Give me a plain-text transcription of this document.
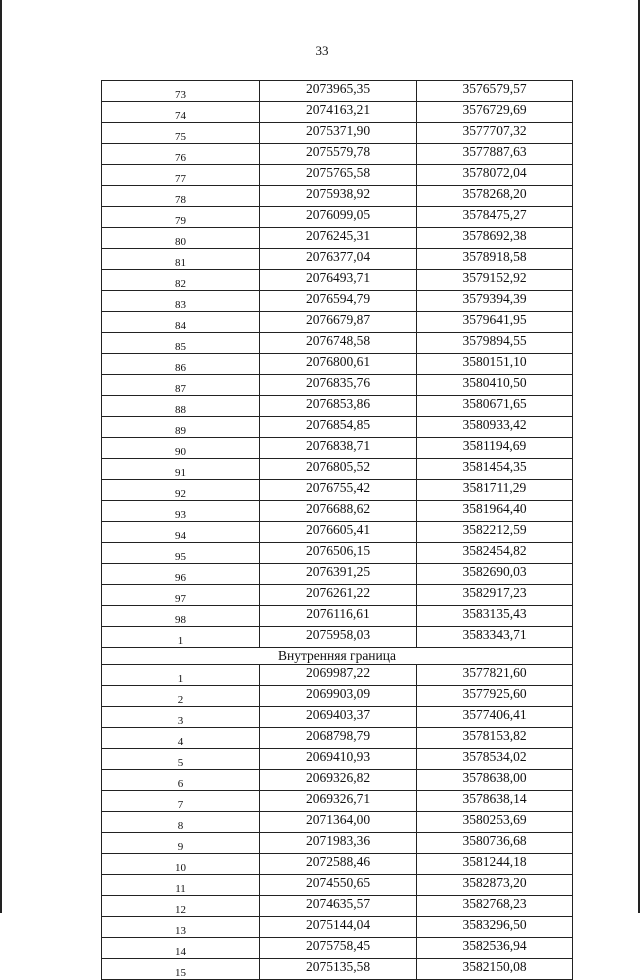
33
73	2073965,35	3576579,57
74	2074163,21	3576729,69
75	2075371,90	3577707,32
76	2075579,78	3577887,63
77	2075765,58	3578072,04
78	2075938,92	3578268,20
79	2076099,05	3578475,27
80	2076245,31	3578692,38
81	2076377,04	3578918,58
82	2076493,71	3579152,92
83	2076594,79	3579394,39
84	2076679,87	3579641,95
85	2076748,58	3579894,55
86	2076800,61	3580151,10
87	2076835,76	3580410,50
88	2076853,86	3580671,65
89	2076854,85	3580933,42
90	2076838,71	3581194,69
91	2076805,52	3581454,35
92	2076755,42	3581711,29
93	2076688,62	3581964,40
94	2076605,41	3582212,59
95	2076506,15	3582454,82
96	2076391,25	3582690,03
97	2076261,22	3582917,23
98	2076116,61	3583135,43
1	2075958,03	3583343,71
Внутренняя граница		
1	2069987,22	3577821,60
2	2069903,09	3577925,60
3	2069403,37	3577406,41
4	2068798,79	3578153,82
5	2069410,93	3578534,02
6	2069326,82	3578638,00
7	2069326,71	3578638,14
8	2071364,00	3580253,69
9	2071983,36	3580736,68
10	2072588,46	3581244,18
11	2074550,65	3582873,20
12	2074635,57	3582768,23
13	2075144,04	3583296,50
14	2075758,45	3582536,94
15	2075135,58	3582150,08
